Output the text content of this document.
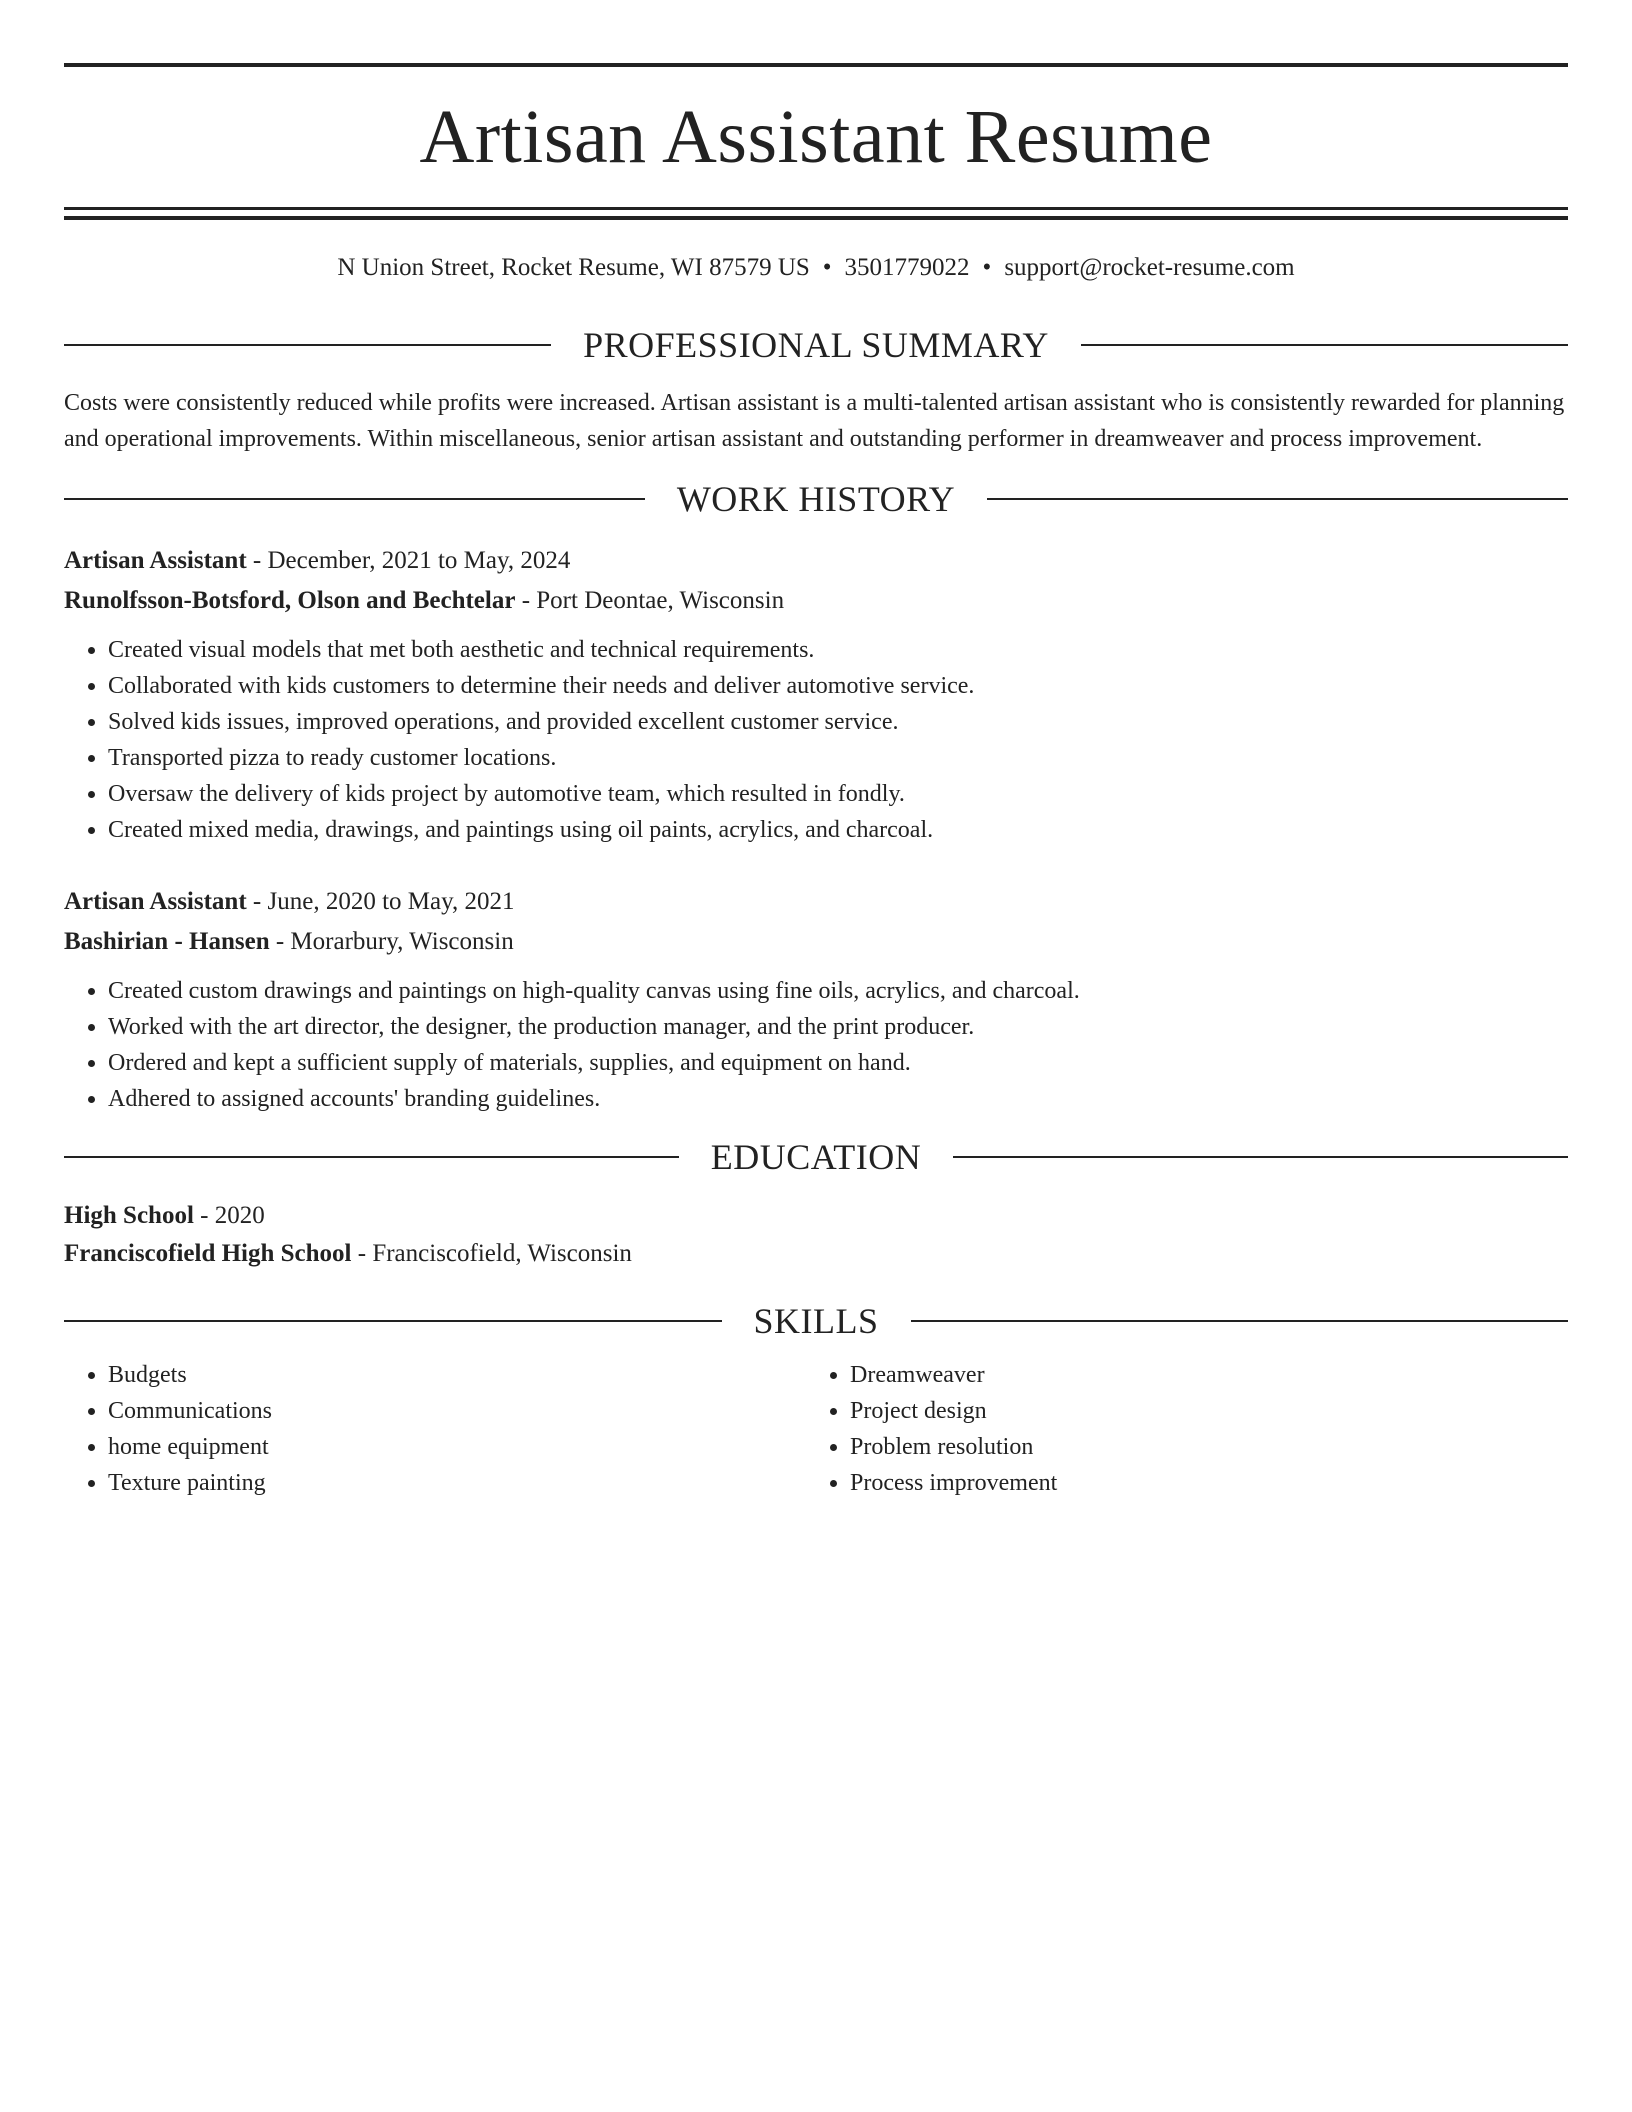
Artisan Assistant Resume
N Union Street, Rocket Resume, WI 87579 US • 3501779022 • support@rocket-resume.com
PROFESSIONAL SUMMARY
Costs were consistently reduced while profits were increased. Artisan assistant is a multi-talented artisan assistant who is consistently rewarded for planning and operational improvements. Within miscellaneous, senior artisan assistant and outstanding performer in dreamweaver and process improvement.
WORK HISTORY
Artisan Assistant - December, 2021 to May, 2024
Runolfsson-Botsford, Olson and Bechtelar - Port Deontae, Wisconsin
• Created visual models that met both aesthetic and technical requirements.
• Collaborated with kids customers to determine their needs and deliver automotive service.
• Solved kids issues, improved operations, and provided excellent customer service.
• Transported pizza to ready customer locations.
• Oversaw the delivery of kids project by automotive team, which resulted in fondly.
• Created mixed media, drawings, and paintings using oil paints, acrylics, and charcoal.
Artisan Assistant - June, 2020 to May, 2021
Bashirian - Hansen - Morarbury, Wisconsin
• Created custom drawings and paintings on high-quality canvas using fine oils, acrylics, and charcoal.
• Worked with the art director, the designer, the production manager, and the print producer.
• Ordered and kept a sufficient supply of materials, supplies, and equipment on hand.
• Adhered to assigned accounts' branding guidelines.
EDUCATION
High School - 2020
Franciscofield High School - Franciscofield, Wisconsin
SKILLS
• Budgets
• Communications
• home equipment
• Texture painting
• Dreamweaver
• Project design
• Problem resolution
• Process improvement
